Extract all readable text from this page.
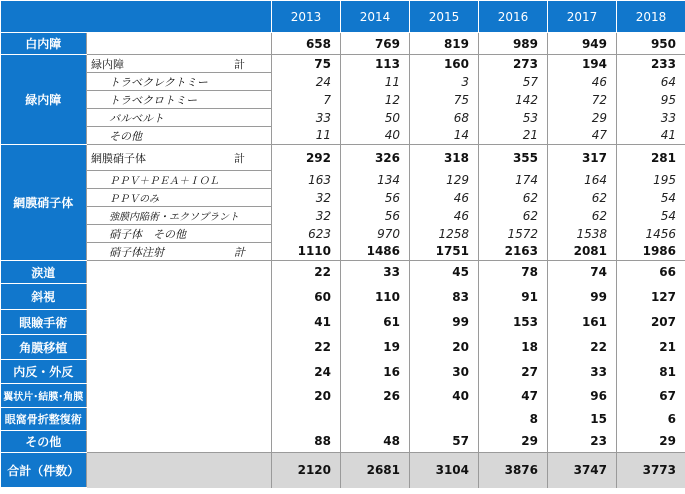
		2013	2014	2015	2016	2017	2018
白内障		658	769	819	989	949	950
緑内障	緑内障 計	75	113	160	273	194	233
	トラベクレクトミー	24	11	3	57	46	64
	トラベクロトミー	7	12	75	142	72	95
	バルベルト	33	50	68	53	29	33
	その他	11	40	14	21	47	41
網膜硝子体	網膜硝子体 計	292	326	318	355	317	281
	ＰＰＶ＋ＰＥＡ＋ＩＯＬ	163	134	129	174	164	195
	ＰＰＶのみ	32	56	46	62	62	54
	強膜内陥術・エクソプラント	32	56	46	62	62	54
	硝子体　その他	623	970	1258	1572	1538	1456
	硝子体注射 計	1110	1486	1751	2163	2081	1986
涙道		22	33	45	78	74	66
斜視		60	110	83	91	99	127
眼瞼手術		41	61	99	153	161	207
角膜移植		22	19	20	18	22	21
内反・外反		24	16	30	27	33	81
翼状片･結膜･角膜		20	26	40	47	96	67
眼窩骨折整復術					8	15	6
その他		88	48	57	29	23	29
合計（件数）		2120	2681	3104	3876	3747	3773
